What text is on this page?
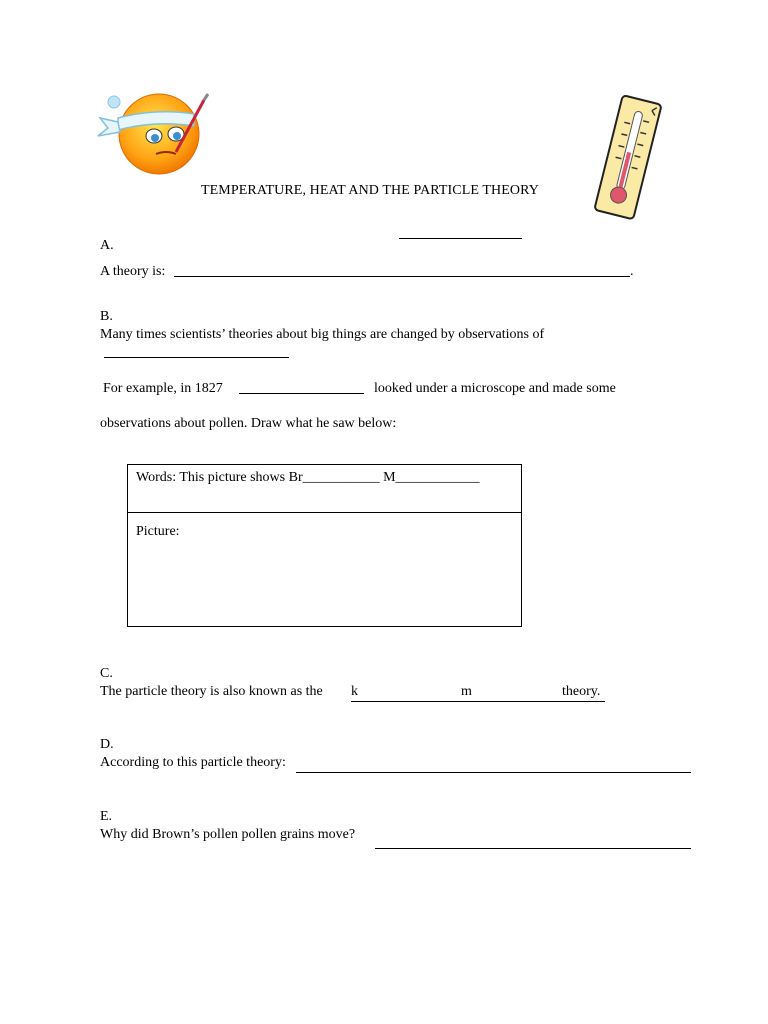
TEMPERATURE, HEAT AND THE PARTICLE THEORY
A.
A theory is:	.
B.
Many times scientists’ theories about big things are changed by observations of
For example, in 1827	looked under a microscope and made some
observations about pollen. Draw what he saw below:
Words: This picture shows Br___________ M____________
Picture:
C.
The particle theory is also known as the k	m	theory.
D.
According to this particle theory:
E.
Why did Brown’s pollen pollen grains move?
